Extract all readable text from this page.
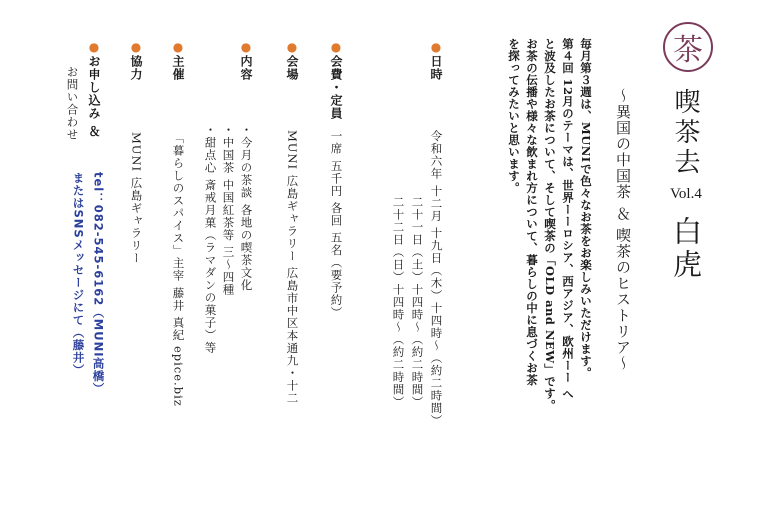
茶
〜異国の中国茶 ＆ 喫茶のヒストリア〜 喫茶去
Vol.4
白虎
毎月第３週は、MUNIで色々なお茶をお楽しみいただけます。
第４回 12月のテーマは、世界ーーロシア、西アジア、欧州ーー へ
と波及したお茶について、そして喫茶の「OLD and NEW」です。
お茶の伝播や様々な飲まれ方について、暮らしの中に息づくお茶
を探ってみたいと思います。
●日時
令和六年 十二月 十九日（木）十四時〜（約二時間）
二十一日（土）十四時〜（約二時間）
二十二日（日）十四時〜（約二時間）
●会費・定員
一席 五千円 各回 五名（要予約）
●会場
MUNI 広島ギャラリー 広島市中区本通九・十二
●内容
・今月の茶談 各地の喫茶文化
・中国茶 中国紅茶等 三〜四種
・甜点心 斎戒月菓（ラマダンの菓子）等
●主催
「暮らしのスパイス」主宰 藤井 真紀 epice.biz
●協力
MUNI 広島ギャラリー
●お申し込み ＆
お問い合わせ
tel：082-545-6162（MUNI高橋）
またはSNSメッセージにて（藤井）
